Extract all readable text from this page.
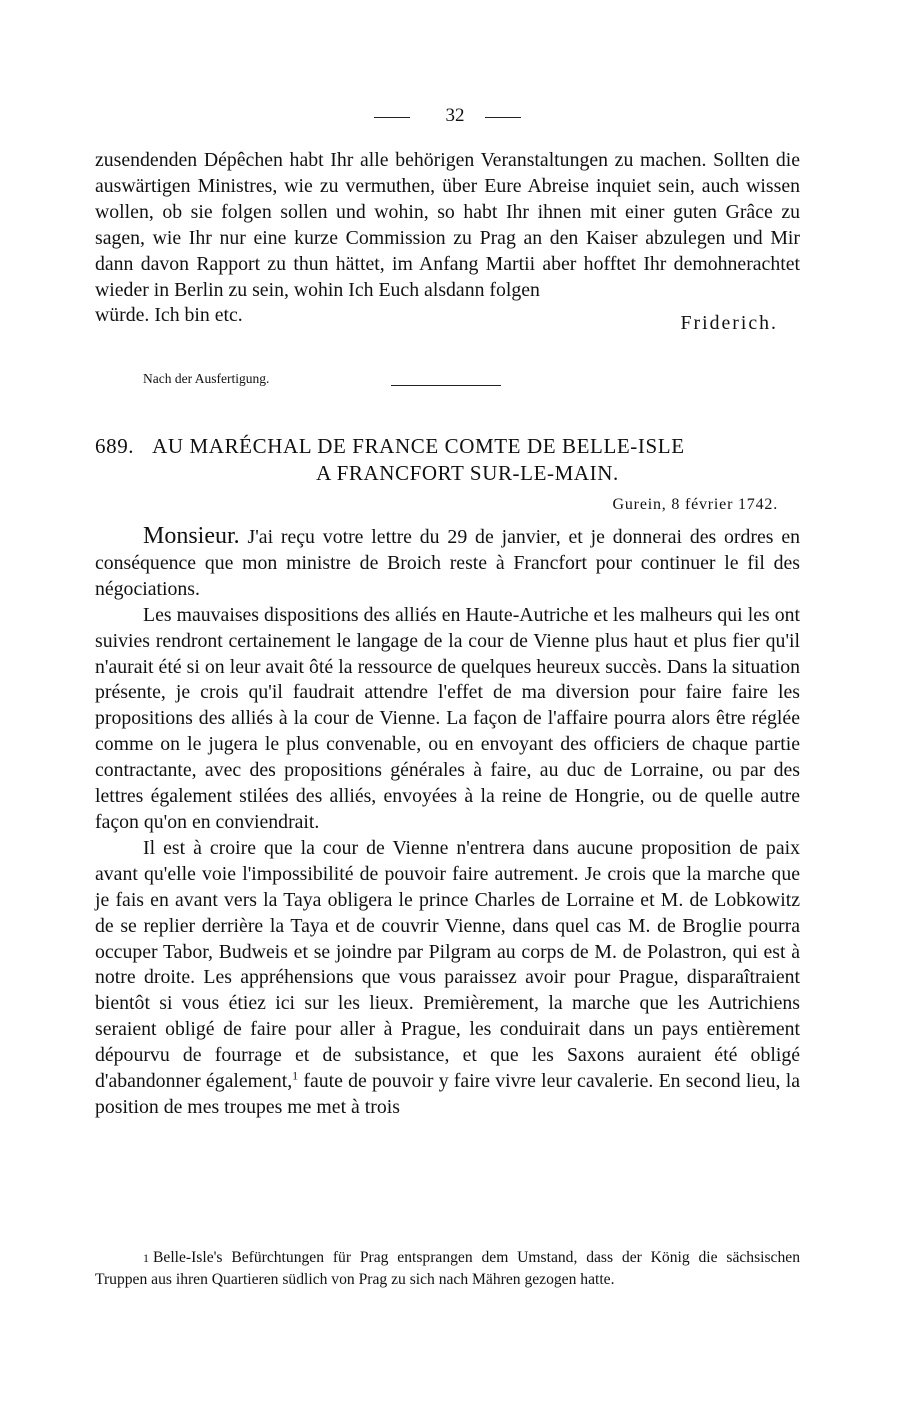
32
zusendenden Dépêchen habt Ihr alle behörigen Veranstaltungen zu machen. Sollten die auswärtigen Ministres, wie zu vermuthen, über Eure Abreise inquiet sein, auch wissen wollen, ob sie folgen sollen und wohin, so habt Ihr ihnen mit einer guten Grâce zu sagen, wie Ihr nur eine kurze Commission zu Prag an den Kaiser abzulegen und Mir dann davon Rapport zu thun hättet, im Anfang Martii aber hofftet Ihr demohnerachtet wieder in Berlin zu sein, wohin Ich Euch alsdann folgen
würde. Ich bin etc.	Friderich.
Nach der Ausfertigung.
689. AU MARÉCHAL DE FRANCE COMTE DE BELLE-ISLE
A FRANCFORT SUR-LE-MAIN.
Gurein, 8 février 1742.

Monsieur. J'ai reçu votre lettre du 29 de janvier, et je donnerai des ordres en conséquence que mon ministre de Broich reste à Francfort pour continuer le fil des négociations.

Les mauvaises dispositions des alliés en Haute-Autriche et les malheurs qui les ont suivies rendront certainement le langage de la cour de Vienne plus haut et plus fier qu'il n'aurait été si on leur avait ôté la ressource de quelques heureux succès. Dans la situation présente, je crois qu'il faudrait attendre l'effet de ma diversion pour faire faire les propositions des alliés à la cour de Vienne. La façon de l'affaire pourra alors être réglée comme on le jugera le plus convenable, ou en envoyant des officiers de chaque partie contractante, avec des propositions générales à faire, au duc de Lorraine, ou par des lettres également stilées des alliés, envoyées à la reine de Hongrie, ou de quelle autre façon qu'on en conviendrait.

Il est à croire que la cour de Vienne n'entrera dans aucune proposition de paix avant qu'elle voie l'impossibilité de pouvoir faire autrement. Je crois que la marche que je fais en avant vers la Taya obligera le prince Charles de Lorraine et M. de Lobkowitz de se replier derrière la Taya et de couvrir Vienne, dans quel cas M. de Broglie pourra occuper Tabor, Budweis et se joindre par Pilgram au corps de M. de Polastron, qui est à notre droite. Les appréhensions que vous paraissez avoir pour Prague, disparaîtraient bientôt si vous étiez ici sur les lieux. Premièrement, la marche que les Autrichiens seraient obligé de faire pour aller à Prague, les conduirait dans un pays entièrement dépourvu de fourrage et de subsistance, et que les Saxons auraient été obligé d'abandonner également,$^1$ faute de pouvoir y faire vivre leur cavalerie. En second lieu, la position de mes troupes me met à trois

$^1$ Belle-Isle's Befürchtungen für Prag entsprangen dem Umstand, dass der König die sächsischen Truppen aus ihren Quartieren südlich von Prag zu sich nach Mähren gezogen hatte.
